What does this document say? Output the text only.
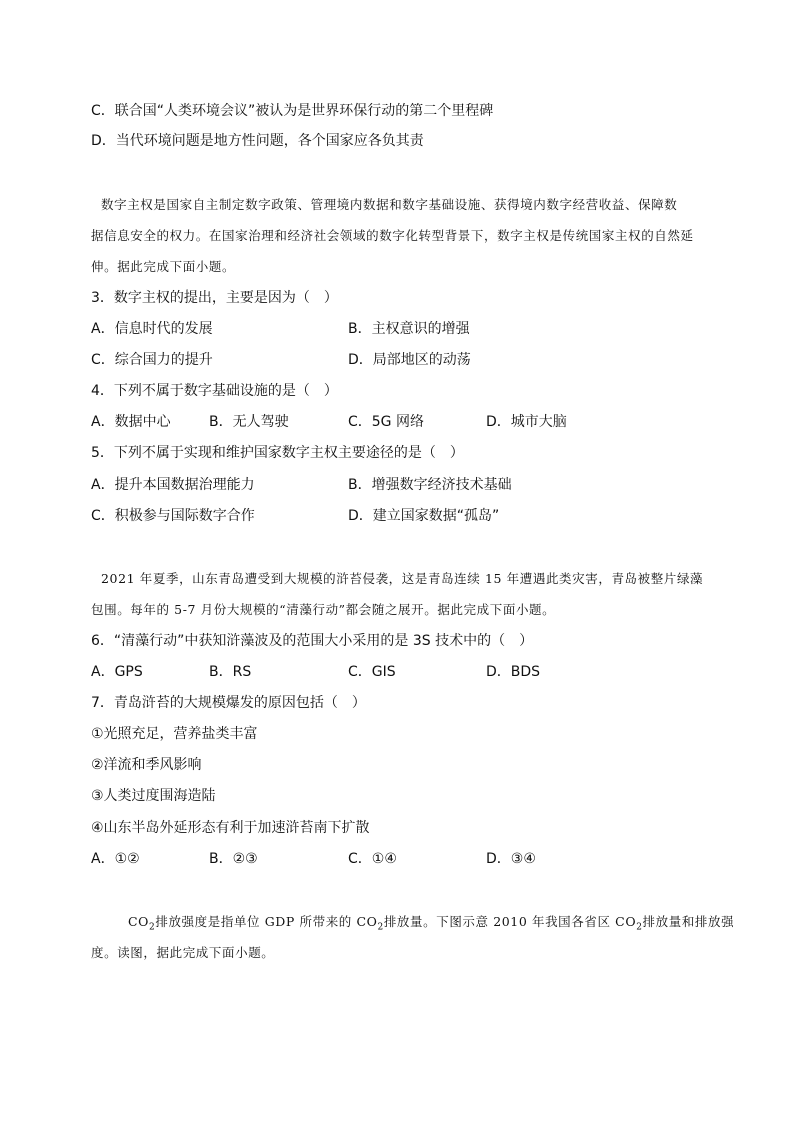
C．联合国“人类环境会议”被认为是世界环保行动的第二个里程碑
D．当代环境问题是地方性问题，各个国家应各负其责
数字主权是国家自主制定数字政策、管理境内数据和数字基础设施、获得境内数字经营收益、保障数
据信息安全的权力。在国家治理和经济社会领域的数字化转型背景下，数字主权是传统国家主权的自然延
伸。据此完成下面小题。
3．数字主权的提出，主要是因为（　）
A．信息时代的发展	B．主权意识的增强
C．综合国力的提升	D．局部地区的动荡
4．下列不属于数字基础设施的是（　）
A．数据中心	B．无人驾驶	C．5G 网络	D．城市大脑
5．下列不属于实现和维护国家数字主权主要途径的是（　）
A．提升本国数据治理能力	B．增强数字经济技术基础
C．积极参与国际数字合作	D．建立国家数据“孤岛”
2021 年夏季，山东青岛遭受到大规模的浒苔侵袭，这是青岛连续 15 年遭遇此类灾害，青岛被整片绿藻
包围。每年的 5-7 月份大规模的“清藻行动”都会随之展开。据此完成下面小题。
6．“清藻行动”中获知浒藻波及的范围大小采用的是 3S 技术中的（　）
A．GPS	B．RS	C．GIS	D．BDS
7．青岛浒苔的大规模爆发的原因包括（　）
①光照充足，营养盐类丰富
②洋流和季风影响
③人类过度围海造陆
④山东半岛外延形态有利于加速浒苔南下扩散
A．①②	B．②③	C．①④	D．③④
$CO_2$排放强度是指单位 GDP 所带来的 $CO_2$排放量。下图示意 2010 年我国各省区 $CO_2$排放量和排放强
度。读图，据此完成下面小题。
